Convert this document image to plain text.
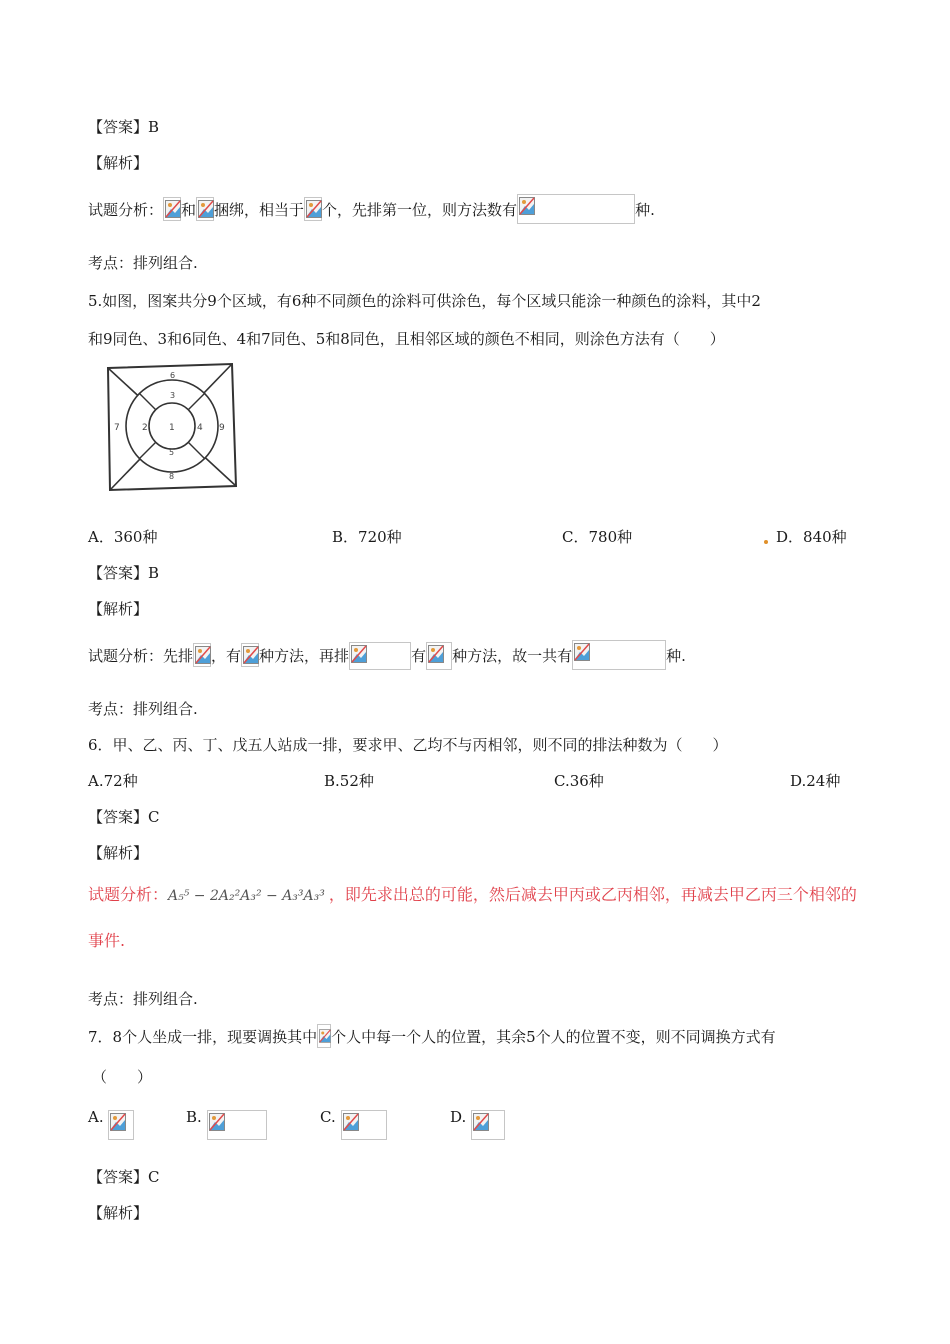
【答案】B
【解析】
试题分析： 和 捆绑，相当于 个，先排第一位，则方法数有	种.
考点：排列组合.
5.如图，图案共分9个区域，有6种不同颜色的涂料可供涂色，每个区域只能涂一种颜色的涂料，其中2
和9同色、3和6同色、4和7同色、5和8同色，且相邻区域的颜色不相同，则涂色方法有（　　）
6
7 2 1 4 9
3
5
8
A．360种	B．720种	C．780种	D．840种
【答案】B
【解析】
试题分析：先排 ，有 种方法，再排	有 种方法，故一共有	种.
考点：排列组合.
6．甲、乙、丙、丁、戊五人站成一排，要求甲、乙均不与丙相邻，则不同的排法种数为（　　）
A.72种	B.52种	C.36种	D.24种
【答案】C
【解析】
试题分析：A₅⁵ − 2A₂²A₃² − A₃³A₃³ ，即先求出总的可能，然后减去甲丙或乙丙相邻，再减去甲乙丙三个相邻的
事件.
考点：排列组合.
7．8个人坐成一排，现要调换其中 个人中每一个人的位置，其余5个人的位置不变，则不同调换方式有
（　　）
A.	B.	C.	D.
【答案】C
【解析】
